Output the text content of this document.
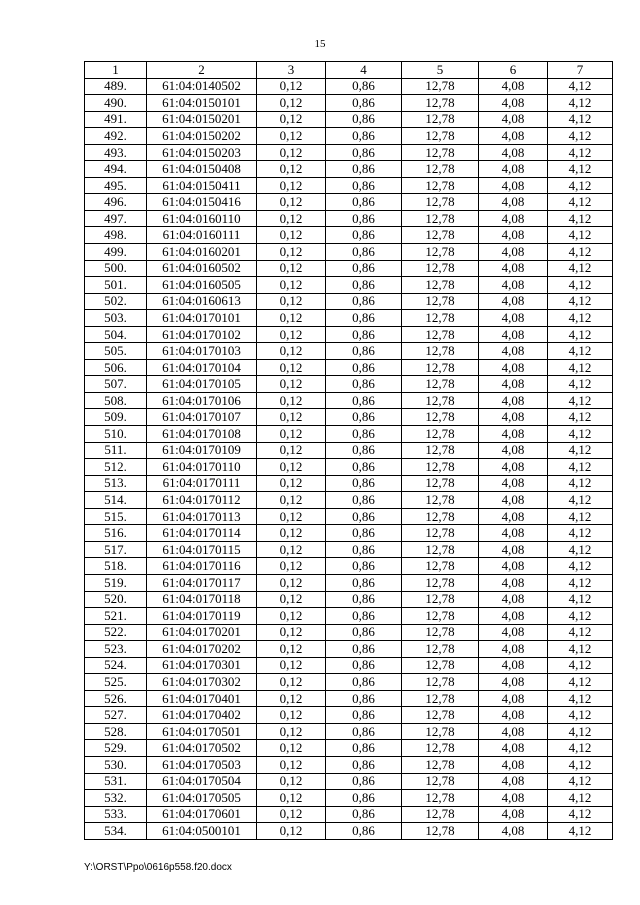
15
1	2	3	4	5	6	7
489.	61:04:0140502	0,12	0,86	12,78	4,08	4,12
490.	61:04:0150101	0,12	0,86	12,78	4,08	4,12
491.	61:04:0150201	0,12	0,86	12,78	4,08	4,12
492.	61:04:0150202	0,12	0,86	12,78	4,08	4,12
493.	61:04:0150203	0,12	0,86	12,78	4,08	4,12
494.	61:04:0150408	0,12	0,86	12,78	4,08	4,12
495.	61:04:0150411	0,12	0,86	12,78	4,08	4,12
496.	61:04:0150416	0,12	0,86	12,78	4,08	4,12
497.	61:04:0160110	0,12	0,86	12,78	4,08	4,12
498.	61:04:0160111	0,12	0,86	12,78	4,08	4,12
499.	61:04:0160201	0,12	0,86	12,78	4,08	4,12
500.	61:04:0160502	0,12	0,86	12,78	4,08	4,12
501.	61:04:0160505	0,12	0,86	12,78	4,08	4,12
502.	61:04:0160613	0,12	0,86	12,78	4,08	4,12
503.	61:04:0170101	0,12	0,86	12,78	4,08	4,12
504.	61:04:0170102	0,12	0,86	12,78	4,08	4,12
505.	61:04:0170103	0,12	0,86	12,78	4,08	4,12
506.	61:04:0170104	0,12	0,86	12,78	4,08	4,12
507.	61:04:0170105	0,12	0,86	12,78	4,08	4,12
508.	61:04:0170106	0,12	0,86	12,78	4,08	4,12
509.	61:04:0170107	0,12	0,86	12,78	4,08	4,12
510.	61:04:0170108	0,12	0,86	12,78	4,08	4,12
511.	61:04:0170109	0,12	0,86	12,78	4,08	4,12
512.	61:04:0170110	0,12	0,86	12,78	4,08	4,12
513.	61:04:0170111	0,12	0,86	12,78	4,08	4,12
514.	61:04:0170112	0,12	0,86	12,78	4,08	4,12
515.	61:04:0170113	0,12	0,86	12,78	4,08	4,12
516.	61:04:0170114	0,12	0,86	12,78	4,08	4,12
517.	61:04:0170115	0,12	0,86	12,78	4,08	4,12
518.	61:04:0170116	0,12	0,86	12,78	4,08	4,12
519.	61:04:0170117	0,12	0,86	12,78	4,08	4,12
520.	61:04:0170118	0,12	0,86	12,78	4,08	4,12
521.	61:04:0170119	0,12	0,86	12,78	4,08	4,12
522.	61:04:0170201	0,12	0,86	12,78	4,08	4,12
523.	61:04:0170202	0,12	0,86	12,78	4,08	4,12
524.	61:04:0170301	0,12	0,86	12,78	4,08	4,12
525.	61:04:0170302	0,12	0,86	12,78	4,08	4,12
526.	61:04:0170401	0,12	0,86	12,78	4,08	4,12
527.	61:04:0170402	0,12	0,86	12,78	4,08	4,12
528.	61:04:0170501	0,12	0,86	12,78	4,08	4,12
529.	61:04:0170502	0,12	0,86	12,78	4,08	4,12
530.	61:04:0170503	0,12	0,86	12,78	4,08	4,12
531.	61:04:0170504	0,12	0,86	12,78	4,08	4,12
532.	61:04:0170505	0,12	0,86	12,78	4,08	4,12
533.	61:04:0170601	0,12	0,86	12,78	4,08	4,12
534.	61:04:0500101	0,12	0,86	12,78	4,08	4,12
Y:\ORST\Ppo\0616p558.f20.docx
